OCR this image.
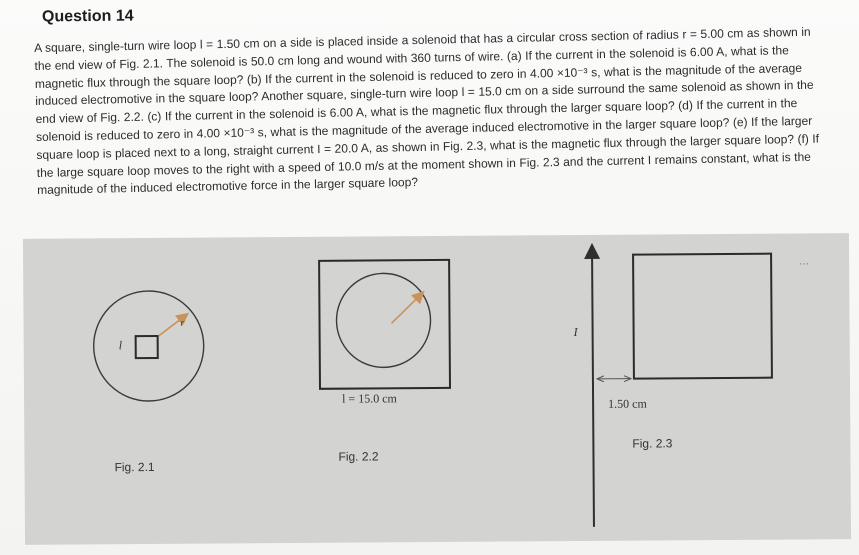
Question 14
A square, single-turn wire loop l = 1.50 cm on a side is placed inside a solenoid that has a circular cross section of radius r = 5.00 cm as shown in the end view of Fig. 2.1. The solenoid is 50.0 cm long and wound with 360 turns of wire. (a) If the current in the solenoid is 6.00 A, what is the magnetic flux through the square loop? (b) If the current in the solenoid is reduced to zero in 4.00 ×10⁻³ s, what is the magnitude of the average induced electromotive in the square loop? Another square, single-turn wire loop l = 15.0 cm on a side surround the same solenoid as shown in the end view of Fig. 2.2. (c) If the current in the solenoid is 6.00 A, what is the magnetic flux through the larger square loop? (d) If the current in the solenoid is reduced to zero in 4.00 ×10⁻³ s, what is the magnitude of the average induced electromotive in the larger square loop? (e) If the larger square loop is placed next to a long, straight current I = 20.0 A, as shown in Fig. 2.3, what is the magnetic flux through the larger square loop? (f) If the large square loop moves to the right with a speed of 10.0 m/s at the moment shown in Fig. 2.3 and the current I remains constant, what is the magnitude of the induced electromotive force in the larger square loop?
l
r
Fig. 2.1
l = 15.0 cm
Fig. 2.2
I
1.50 cm
Fig. 2.3
...
